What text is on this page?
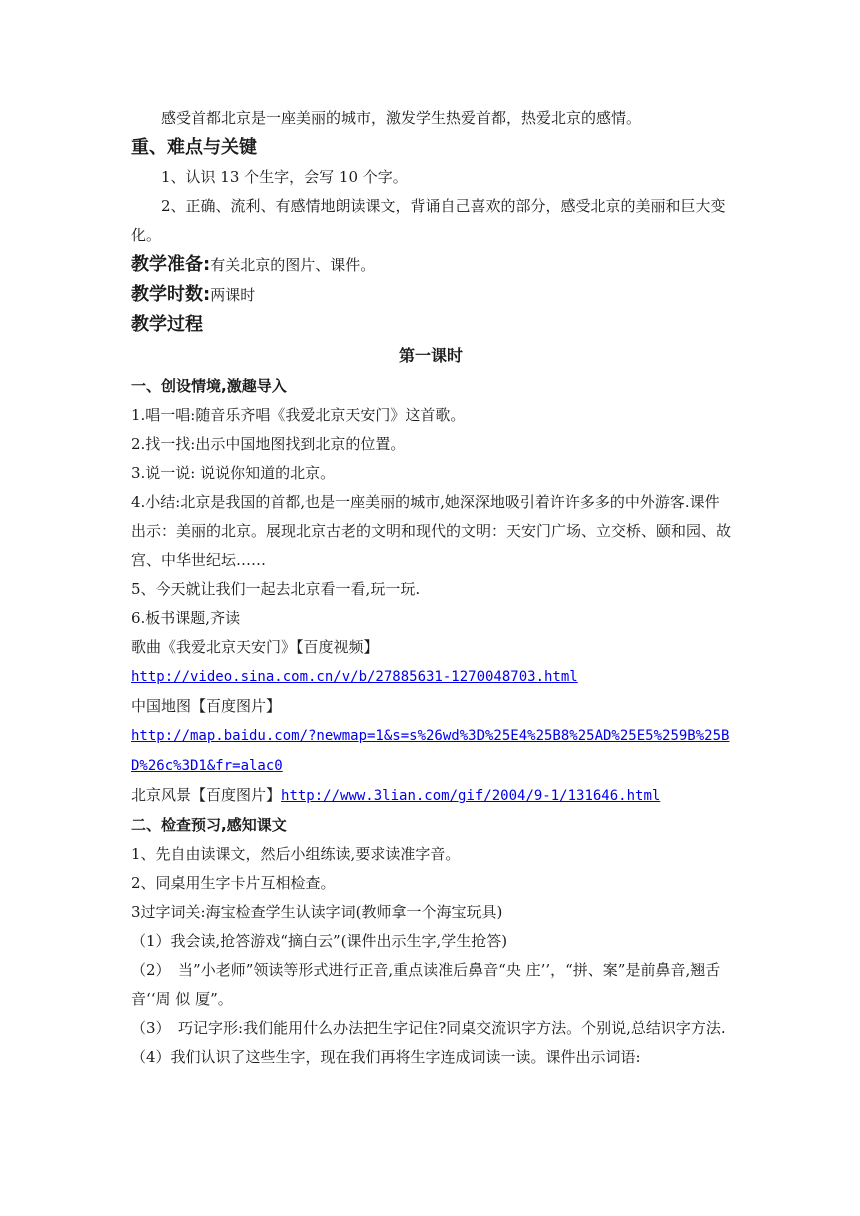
感受首都北京是一座美丽的城市，激发学生热爱首都，热爱北京的感情。

重、难点与关键

1、认识 13 个生字，会写 10 个字。

2、正确、流利、有感情地朗读课文，背诵自己喜欢的部分，感受北京的美丽和巨大变化。

教学准备:有关北京的图片、课件。

教学时数:两课时

教学过程

第一课时

一、创设情境,激趣导入

1.唱一唱:随音乐齐唱《我爱北京天安门》这首歌。

2.找一找:出示中国地图找到北京的位置。

3.说一说: 说说你知道的北京。

4.小结:北京是我国的首都,也是一座美丽的城市,她深深地吸引着许许多多的中外游客.课件出示：美丽的北京。展现北京古老的文明和现代的文明：天安门广场、立交桥、颐和园、故宫、中华世纪坛……

5、今天就让我们一起去北京看一看,玩一玩.

6.板书课题,齐读

歌曲《我爱北京天安门》【百度视频】

http://video.sina.com.cn/v/b/27885631-1270048703.html

中国地图【百度图片】

http://map.baidu.com/?newmap=1&s=s%26wd%3D%25E4%25B8%25AD%25E5%259B%25BD%26c%3D1&fr=alac0

北京风景【百度图片】http://www.3lian.com/gif/2004/9-1/131646.html

二、检查预习,感知课文

1、先自由读课文，然后小组练读,要求读准字音。

2、同桌用生字卡片互相检查。

3过字词关:海宝检查学生认读字词(教师拿一个海宝玩具)

（1）我会读,抢答游戏“摘白云”(课件出示生字,学生抢答)

（2）　当”小老师”领读等形式进行正音,重点读准后鼻音“央 庄’’，“拼、案”是前鼻音,翘舌音‘‘周 似 厦”。

（3）　巧记字形:我们能用什么办法把生字记住?同桌交流识字方法。个别说,总结识字方法.

（4）我们认识了这些生字，现在我们再将生字连成词读一读。课件出示词语:
